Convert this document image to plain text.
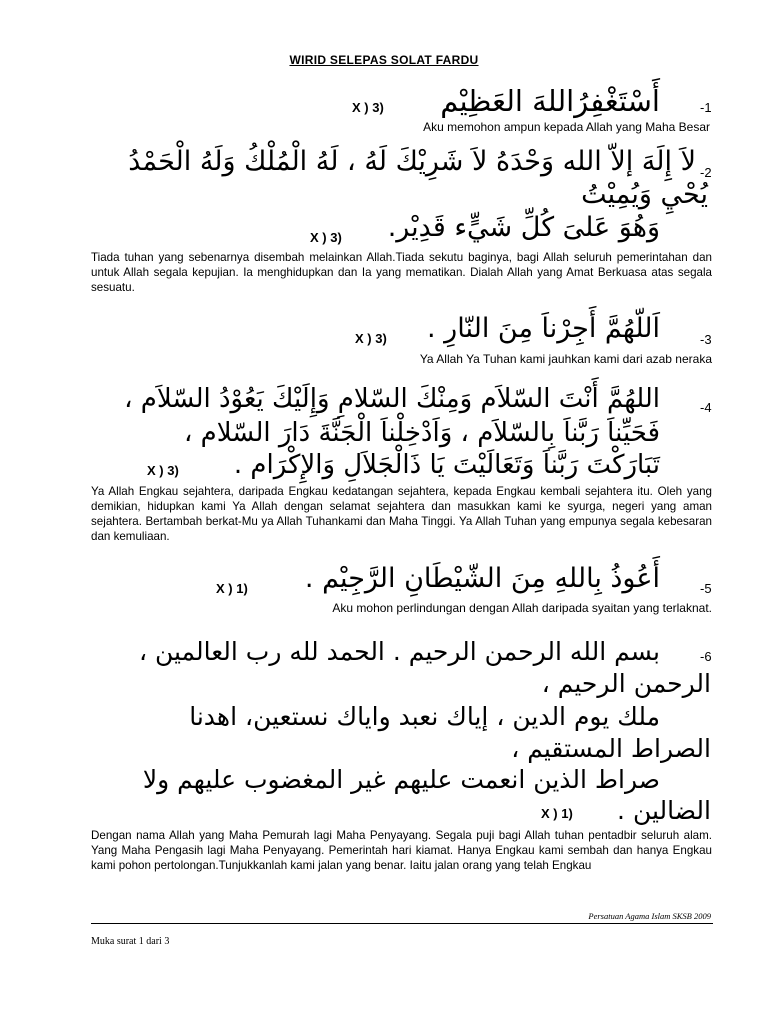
WIRID SELEPAS SOLAT FARDU
-1
أَسْتَغْفِرُاللهَ العَظِيْم
X ) 3)
Aku memohon ampun kepada Allah yang Maha Besar
-2
لاَ إِلَهَ إلاّ الله وَحْدَهُ لاَ شَرِيْكَ لَهُ ، لَهُ الْمُلْكُ وَلَهُ الْحَمْدُ
يُحْيِ وَيُمِيْتُ
وَهُوَ عَلىَ كُلِّ شَيٍّء قَدِيْر.
X ) 3)
Tiada tuhan yang sebenarnya disembah melainkan Allah.Tiada sekutu baginya, bagi Allah seluruh pemerintahan dan untuk Allah segala kepujian. Ia menghidupkan dan Ia yang mematikan. Dialah Allah yang Amat Berkuasa atas segala sesuatu.
-3
اَللّهُمَّ أَجِرْناَ مِنَ النّارِ .
X ) 3)
Ya Allah Ya Tuhan kami jauhkan kami dari azab neraka
-4
اللهُمَّ أَنْتَ السّلاَم وَمِنْكَ السّلامِ وَإِلَيْكَ يَعُوْدُ السّلاَم ،
فَحَيِّناَ رَبَّناَ بِالسّلاَم ، وَاَدْخِلْناَ الْجَنَّةَ دَارَ السّلام ،
تَبَارَكْتَ رَبَّناَ وَتَعَالَيْتَ يَا ذَالْجَلاَلِ وَالإِكْرَام .
X ) 3)
Ya Allah Engkau sejahtera, daripada Engkau kedatangan sejahtera, kepada Engkau kembali sejahtera itu. Oleh yang demikian, hidupkan kami Ya Allah dengan selamat sejahtera dan masukkan kami ke syurga, negeri yang aman sejahtera. Bertambah berkat-Mu ya Allah Tuhankami dan Maha Tinggi. Ya Allah Tuhan yang empunya segala kebesaran dan kemuliaan.
-5
أَعُوذُ بِاللهِ مِنَ الشّيْطَانِ الرَّجِيْم .
X ) 1)
Aku mohon perlindungan dengan Allah daripada syaitan yang terlaknat.
-6
بسم الله الرحمن الرحيم . الحمد لله رب العالمين ،
الرحمن الرحيم ،
ملك يوم الدين ، إياك نعبد واياك نستعين، اهدنا
الصراط المستقيم ،
صراط الذين انعمت عليهم غير المغضوب عليهم ولا
الضالين .
X ) 1)
Dengan nama Allah yang Maha Pemurah lagi Maha Penyayang. Segala puji bagi Allah tuhan pentadbir seluruh alam. Yang Maha Pengasih lagi Maha Penyayang. Pemerintah hari kiamat. Hanya Engkau kami sembah dan hanya Engkau kami pohon pertolongan.Tunjukkanlah kami jalan yang benar. Iaitu jalan orang yang telah Engkau
Persatuan Agama Islam SKSB 2009
Muka surat 1 dari 3
